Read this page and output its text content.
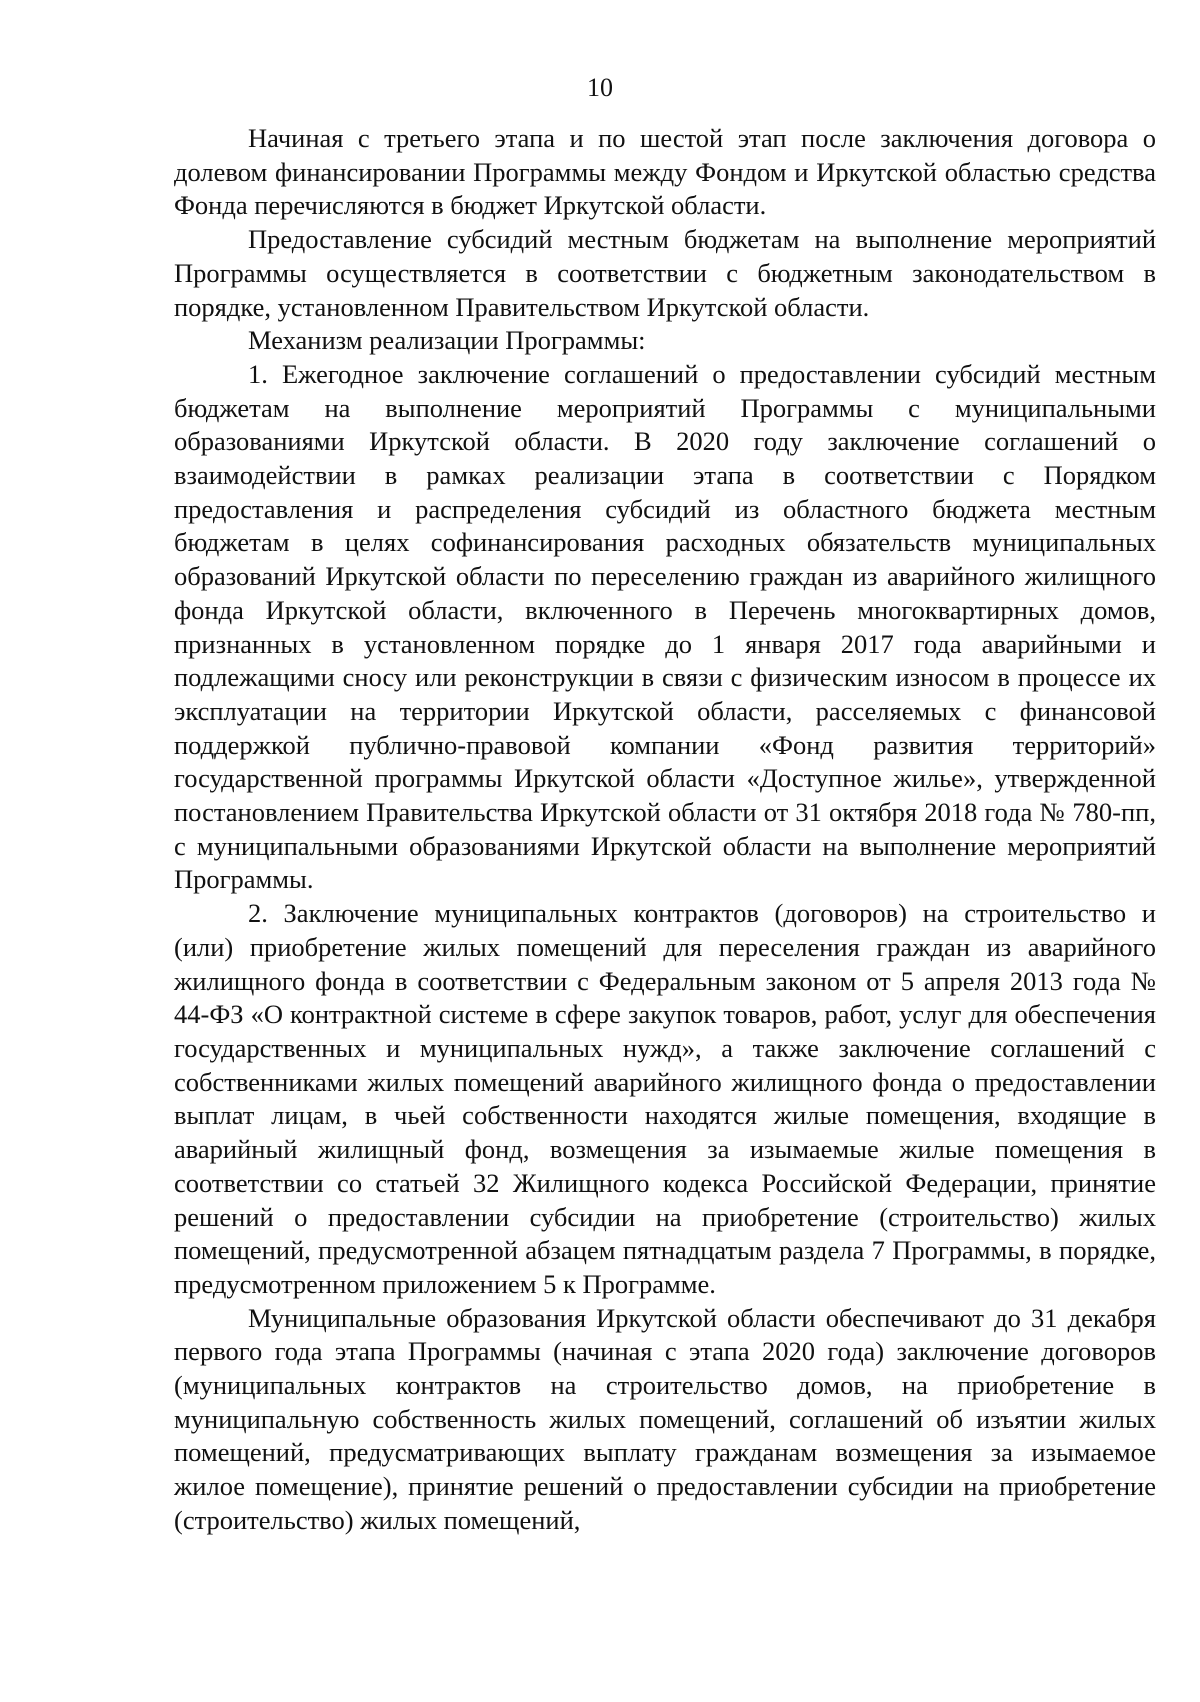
10

Начиная с третьего этапа и по шестой этап после заключения договора о долевом финансировании Программы между Фондом и Иркутской областью средства Фонда перечисляются в бюджет Иркутской области.

Предоставление субсидий местным бюджетам на выполнение мероприятий Программы осуществляется в соответствии с бюджетным законодательством в порядке, установленном Правительством Иркутской области.

Механизм реализации Программы:

1. Ежегодное заключение соглашений о предоставлении субсидий местным бюджетам на выполнение мероприятий Программы с муниципальными образованиями Иркутской области. В 2020 году заключение соглашений о взаимодействии в рамках реализации этапа в соответствии с Порядком предоставления и распределения субсидий из областного бюджета местным бюджетам в целях софинансирования расходных обязательств муниципальных образований Иркутской области по переселению граждан из аварийного жилищного фонда Иркутской области, включенного в Перечень многоквартирных домов, признанных в установленном порядке до 1 января 2017 года аварийными и подлежащими сносу или реконструкции в связи с физическим износом в процессе их эксплуатации на территории Иркутской области, расселяемых с финансовой поддержкой публично-правовой компании «Фонд развития территорий» государственной программы Иркутской области «Доступное жилье», утвержденной постановлением Правительства Иркутской области от 31 октября 2018 года № 780-пп, с муниципальными образованиями Иркутской области на выполнение мероприятий Программы.

2. Заключение муниципальных контрактов (договоров) на строительство и (или) приобретение жилых помещений для переселения граждан из аварийного жилищного фонда в соответствии с Федеральным законом от 5 апреля 2013 года № 44-ФЗ «О контрактной системе в сфере закупок товаров, работ, услуг для обеспечения государственных и муниципальных нужд», а также заключение соглашений с собственниками жилых помещений аварийного жилищного фонда о предоставлении выплат лицам, в чьей собственности находятся жилые помещения, входящие в аварийный жилищный фонд, возмещения за изымаемые жилые помещения в соответствии со статьей 32 Жилищного кодекса Российской Федерации, принятие решений о предоставлении субсидии на приобретение (строительство) жилых помещений, предусмотренной абзацем пятнадцатым раздела 7 Программы, в порядке, предусмотренном приложением 5 к Программе.

Муниципальные образования Иркутской области обеспечивают до 31 декабря первого года этапа Программы (начиная с этапа 2020 года) заключение договоров (муниципальных контрактов на строительство домов, на приобретение в муниципальную собственность жилых помещений, соглашений об изъятии жилых помещений, предусматривающих выплату гражданам возмещения за изымаемое жилое помещение), принятие решений о предоставлении субсидии на приобретение (строительство) жилых помещений,
